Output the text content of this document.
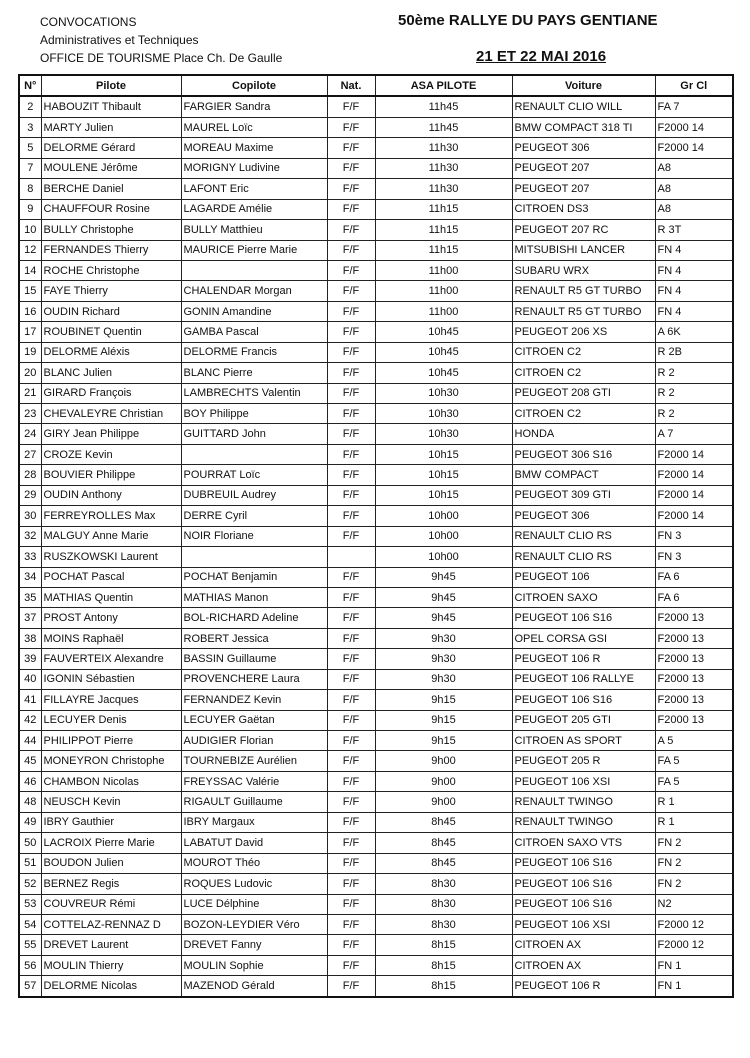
CONVOCATIONS
Administratives et Techniques
OFFICE DE TOURISME Place Ch. De Gaulle
50ème RALLYE DU PAYS GENTIANE
21 ET 22 MAI 2016
N°	Pilote	Copilote	Nat.	ASA PILOTE	Voiture	Gr Cl
2	HABOUZIT Thibault	FARGIER Sandra	F/F	11h45	RENAULT CLIO WILL	FA 7
3	MARTY Julien	MAUREL Loïc	F/F	11h45	BMW COMPACT 318 TI	F2000 14
5	DELORME Gérard	MOREAU Maxime	F/F	11h30	PEUGEOT 306	F2000 14
7	MOULENE Jérôme	MORIGNY Ludivine	F/F	11h30	PEUGEOT 207	A8
8	BERCHE Daniel	LAFONT Eric	F/F	11h30	PEUGEOT 207	A8
9	CHAUFFOUR Rosine	LAGARDE Amélie	F/F	11h15	CITROEN DS3	A8
10	BULLY Christophe	BULLY Matthieu	F/F	11h15	PEUGEOT 207 RC	R 3T
12	FERNANDES Thierry	MAURICE Pierre Marie	F/F	11h15	MITSUBISHI LANCER	FN 4
14	ROCHE Christophe		F/F	11h00	SUBARU WRX	FN 4
15	FAYE Thierry	CHALENDAR Morgan	F/F	11h00	RENAULT R5 GT TURBO	FN 4
16	OUDIN Richard	GONIN Amandine	F/F	11h00	RENAULT R5 GT TURBO	FN 4
17	ROUBINET Quentin	GAMBA Pascal	F/F	10h45	PEUGEOT 206 XS	A 6K
19	DELORME Aléxis	DELORME Francis	F/F	10h45	CITROEN C2	R 2B
20	BLANC Julien	BLANC Pierre	F/F	10h45	CITROEN C2	R 2
21	GIRARD François	LAMBRECHTS Valentin	F/F	10h30	PEUGEOT 208 GTI	R 2
23	CHEVALEYRE Christian	BOY Philippe	F/F	10h30	CITROEN C2	R 2
24	GIRY Jean Philippe	GUITTARD John	F/F	10h30	HONDA	A 7
27	CROZE Kevin		F/F	10h15	PEUGEOT 306 S16	F2000 14
28	BOUVIER Philippe	POURRAT Loïc	F/F	10h15	BMW COMPACT	F2000 14
29	OUDIN Anthony	DUBREUIL Audrey	F/F	10h15	PEUGEOT 309 GTI	F2000 14
30	FERREYROLLES Max	DERRE Cyril	F/F	10h00	PEUGEOT 306	F2000 14
32	MALGUY Anne Marie	NOIR Floriane	F/F	10h00	RENAULT CLIO RS	FN 3
33	RUSZKOWSKI Laurent			10h00	RENAULT CLIO RS	FN 3
34	POCHAT Pascal	POCHAT Benjamin	F/F	9h45	PEUGEOT 106	FA 6
35	MATHIAS Quentin	MATHIAS Manon	F/F	9h45	CITROEN SAXO	FA 6
37	PROST Antony	BOL-RICHARD Adeline	F/F	9h45	PEUGEOT 106 S16	F2000 13
38	MOINS Raphaël	ROBERT Jessica	F/F	9h30	OPEL CORSA GSI	F2000 13
39	FAUVERTEIX Alexandre	BASSIN Guillaume	F/F	9h30	PEUGEOT 106 R	F2000 13
40	IGONIN Sébastien	PROVENCHERE Laura	F/F	9h30	PEUGEOT 106 RALLYE	F2000 13
41	FILLAYRE Jacques	FERNANDEZ Kevin	F/F	9h15	PEUGEOT 106 S16	F2000 13
42	LECUYER Denis	LECUYER Gaëtan	F/F	9h15	PEUGEOT 205 GTI	F2000 13
44	PHILIPPOT Pierre	AUDIGIER Florian	F/F	9h15	CITROEN AS SPORT	A 5
45	MONEYRON Christophe	TOURNEBIZE Aurélien	F/F	9h00	PEUGEOT 205 R	FA 5
46	CHAMBON Nicolas	FREYSSAC Valérie	F/F	9h00	PEUGEOT 106 XSI	FA 5
48	NEUSCH Kevin	RIGAULT Guillaume	F/F	9h00	RENAULT TWINGO	R 1
49	IBRY Gauthier	IBRY Margaux	F/F	8h45	RENAULT TWINGO	R 1
50	LACROIX Pierre Marie	LABATUT David	F/F	8h45	CITROEN SAXO VTS	FN 2
51	BOUDON Julien	MOUROT Théo	F/F	8h45	PEUGEOT 106 S16	FN 2
52	BERNEZ Regis	ROQUES Ludovic	F/F	8h30	PEUGEOT 106 S16	FN 2
53	COUVREUR Rémi	LUCE Délphine	F/F	8h30	PEUGEOT 106 S16	N2
54	COTTELAZ-RENNAZ D	BOZON-LEYDIER Véro	F/F	8h30	PEUGEOT 106 XSI	F2000 12
55	DREVET Laurent	DREVET Fanny	F/F	8h15	CITROEN AX	F2000 12
56	MOULIN Thierry	MOULIN Sophie	F/F	8h15	CITROEN AX	FN 1
57	DELORME Nicolas	MAZENOD Gérald	F/F	8h15	PEUGEOT 106 R	FN 1
